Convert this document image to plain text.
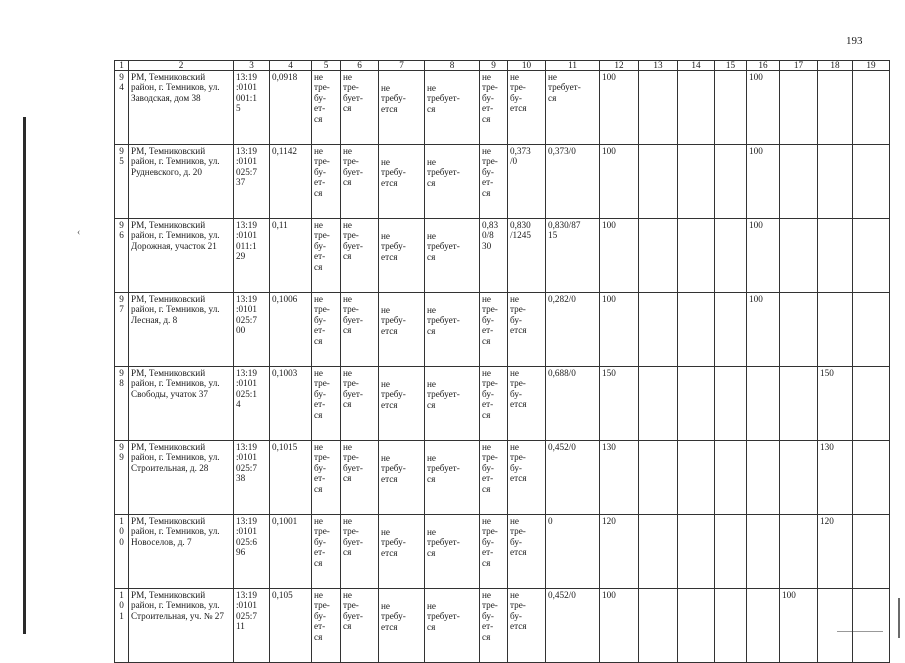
193
‹
1	2	3	4	5	6	7	8	9	10	11	12	13	14	15	16	17	18	19
9
4	РМ, Темниковский район, г. Темников, ул. Заводская, дом 38	13:19
:0101
001:1
5	0,0918	не
тре-
бу-
ет-
ся	не
тре-
бует-
ся	не
требу-
ется	не
требует-
ся	не
тре-
бу-
ет-
ся	не
тре-
бу-
ется	не
требует-
ся	100				100			
9
5	РМ, Темниковский район, г. Темников, ул. Рудневского, д. 20	13:19
:0101
025:7
37	0,1142	не
тре-
бу-
ет-
ся	не
тре-
бует-
ся	не
требу-
ется	не
требует-
ся	не
тре-
бу-
ет-
ся	0,373
/0	0,373/0	100				100			
9
6	РМ, Темниковский район, г. Темников, ул. Дорожная, участок 21	13:19
:0101
011:1
29	0,11	не
тре-
бу-
ет-
ся	не
тре-
бует-
ся	не
требу-
ется	не
требует-
ся	0,83
0/8
30	0,830
/1245	0,830/87
15	100				100			
9
7	РМ, Темниковский район, г. Темников, ул. Лесная, д. 8	13:19
:0101
025:7
00	0,1006	не
тре-
бу-
ет-
ся	не
тре-
бует-
ся	не
требу-
ется	не
требует-
ся	не
тре-
бу-
ет-
ся	не
тре-
бу-
ется	0,282/0	100				100			
9
8	РМ, Темниковский район, г. Темников, ул. Свободы, учаток 37	13:19
:0101
025:1
4	0,1003	не
тре-
бу-
ет-
ся	не
тре-
бует-
ся	не
требу-
ется	не
требует-
ся	не
тре-
бу-
ет-
ся	не
тре-
бу-
ется	0,688/0	150						150	
9
9	РМ, Темниковский район, г. Темников, ул. Строительная, д. 28	13:19
:0101
025:7
38	0,1015	не
тре-
бу-
ет-
ся	не
тре-
бует-
ся	не
требу-
ется	не
требует-
ся	не
тре-
бу-
ет-
ся	не
тре-
бу-
ется	0,452/0	130						130	
1
0
0	РМ, Темниковский район, г. Темников, ул. Новоселов, д. 7	13:19
:0101
025:6
96	0,1001	не
тре-
бу-
ет-
ся	не
тре-
бует-
ся	не
требу-
ется	не
требует-
ся	не
тре-
бу-
ет-
ся	не
тре-
бу-
ется	0	120						120	
1
0
1	РМ, Темниковский район, г. Темников, ул. Строительная, уч. № 27	13:19
:0101
025:7
11	0,105	не
тре-
бу-
ет-
ся	не
тре-
бует-
ся	не
требу-
ется	не
требует-
ся	не
тре-
бу-
ет-
ся	не
тре-
бу-
ется	0,452/0	100					100		
